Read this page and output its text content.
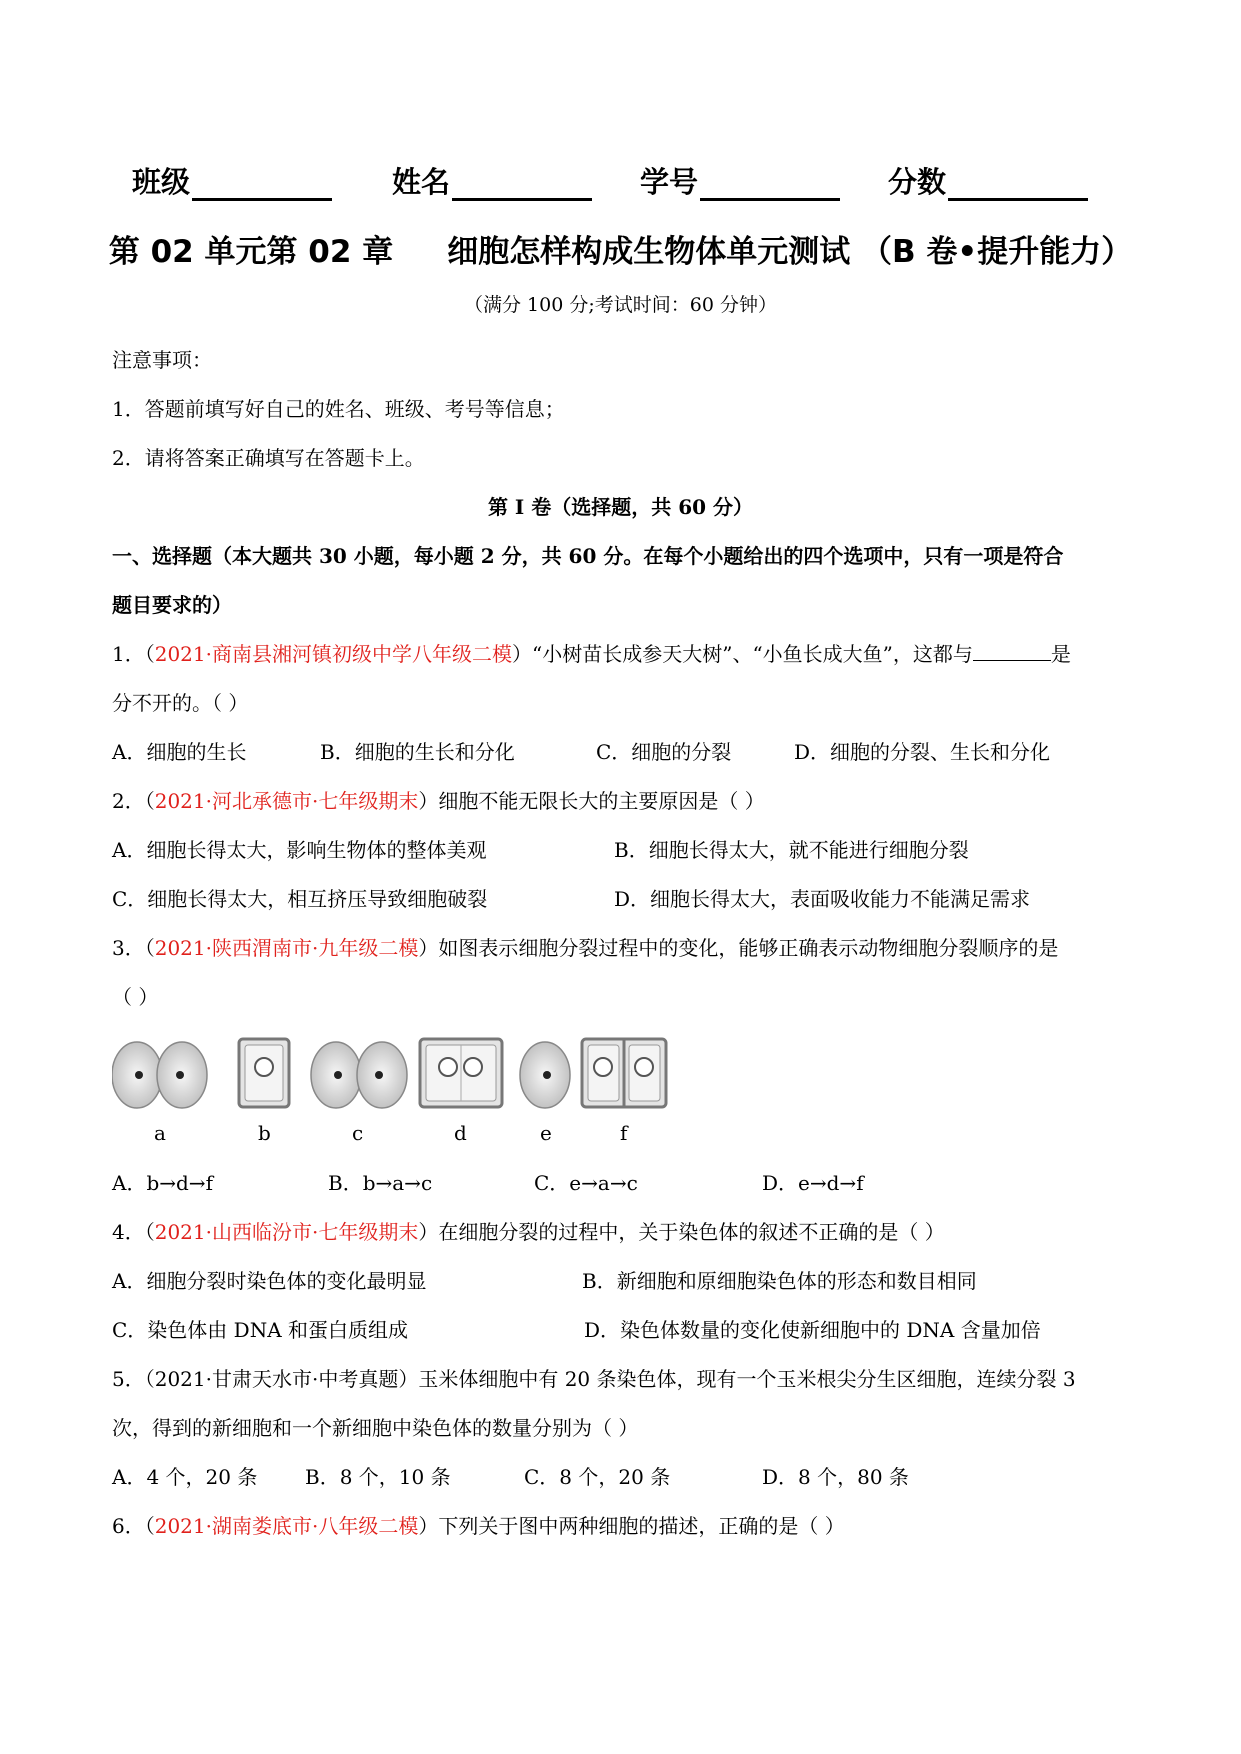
班级	姓名	学号	分数
第 02 单元第 02 章     细胞怎样构成生物体单元测试 （B 卷•提升能力）
（满分 100 分;考试时间：60 分钟）
注意事项：
1．答题前填写好自己的姓名、班级、考号等信息；
2．请将答案正确填写在答题卡上。
第 I 卷（选择题，共 60 分）
一、选择题（本大题共 30 小题，每小题 2 分，共 60 分。在每个小题给出的四个选项中，只有一项是符合
题目要求的）
1．（2021·商南县湘河镇初级中学八年级二模）“小树苗长成参天大树”、“小鱼长成大鱼”，这都与	是
分不开的。（ ）
A．细胞的生长	B．细胞的生长和分化	C．细胞的分裂	D．细胞的分裂、生长和分化
2．（2021·河北承德市·七年级期末）细胞不能无限长大的主要原因是（ ）
A．细胞长得太大，影响生物体的整体美观	B．细胞长得太大，就不能进行细胞分裂
C．细胞长得太大，相互挤压导致细胞破裂	D．细胞长得太大，表面吸收能力不能满足需求
3．（2021·陕西渭南市·九年级二模）如图表示细胞分裂过程中的变化，能够正确表示动物细胞分裂顺序的是
（ ）
a	b	c	d	e	f
A．b→d→f	B．b→a→c	C．e→a→c	D．e→d→f
4．（2021·山西临汾市·七年级期末）在细胞分裂的过程中，关于染色体的叙述不正确的是（ ）
A．细胞分裂时染色体的变化最明显	B．新细胞和原细胞染色体的形态和数目相同
C．染色体由 DNA 和蛋白质组成	D．染色体数量的变化使新细胞中的 DNA 含量加倍
5．（2021·甘肃天水市·中考真题）玉米体细胞中有 20 条染色体，现有一个玉米根尖分生区细胞，连续分裂 3
次，得到的新细胞和一个新细胞中染色体的数量分别为（ ）
A．4 个，20 条 B．8 个，10 条	C．8 个，20 条	D．8 个，80 条
6．（2021·湖南娄底市·八年级二模）下列关于图中两种细胞的描述，正确的是（ ）
